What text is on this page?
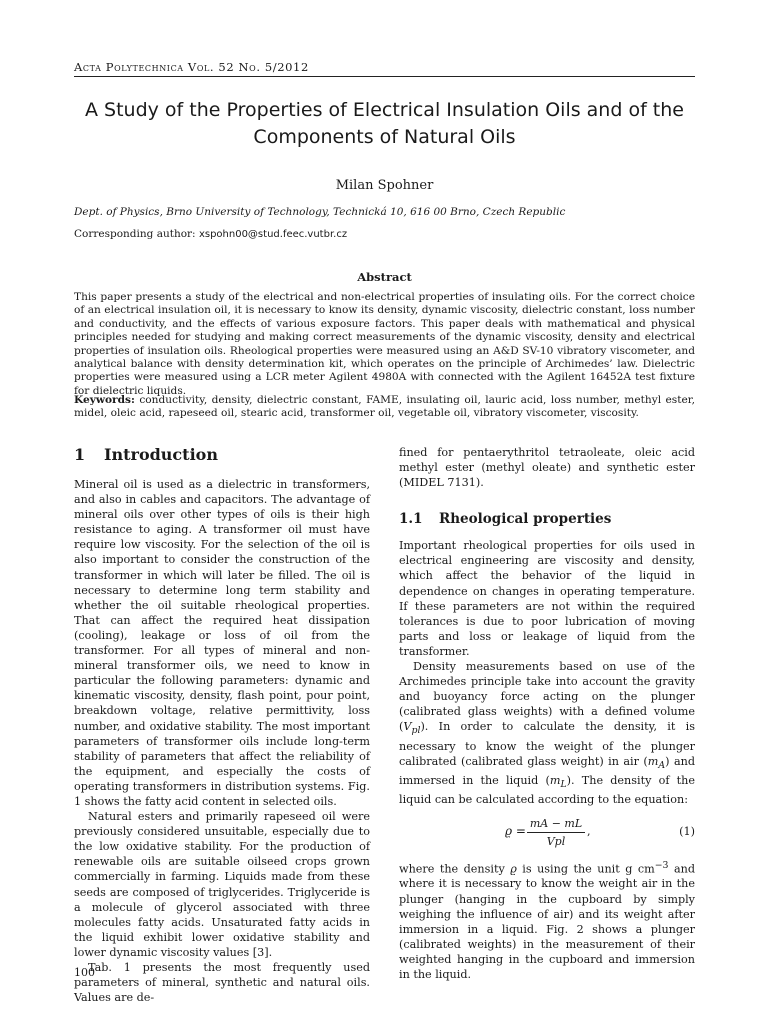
Acta Polytechnica Vol. 52 No. 5/2012
A Study of the Properties of Electrical Insulation Oils and of the
Components of Natural Oils
Milan Spohner
Dept. of Physics, Brno University of Technology, Technická 10, 616 00 Brno, Czech Republic
Corresponding author: xspohn00@stud.feec.vutbr.cz
Abstract
This paper presents a study of the electrical and non-electrical properties of insulating oils. For the correct choice of an electrical insulation oil, it is necessary to know its density, dynamic viscosity, dielectric constant, loss number and conductivity, and the effects of various exposure factors. This paper deals with mathematical and physical principles needed for studying and making correct measurements of the dynamic viscosity, density and electrical properties of insulation oils. Rheological properties were measured using an A&D SV-10 vibratory viscometer, and analytical balance with density determination kit, which operates on the principle of Archimedes’ law. Dielectric properties were measured using a LCR meter Agilent 4980A with connected with the Agilent 16452A test fixture for dielectric liquids.
Keywords: conductivity, density, dielectric constant, FAME, insulating oil, lauric acid, loss number, methyl ester, midel, oleic acid, rapeseed oil, stearic acid, transformer oil, vegetable oil, vibratory viscometer, viscosity.
1 Introduction

Mineral oil is used as a dielectric in transformers, and also in cables and capacitors. The advantage of mineral oils over other types of oils is their high resistance to aging. A transformer oil must have require low viscosity. For the selection of the oil is also important to consider the construction of the transformer in which will later be filled. The oil is necessary to determine long term stability and whether the oil suitable rheological properties. That can affect the required heat dissipation (cooling), leakage or loss of oil from the transformer. For all types of mineral and non-mineral transformer oils, we need to know in particular the following parameters: dynamic and kinematic viscosity, density, flash point, pour point, breakdown voltage, relative permittivity, loss number, and oxidative stability. The most important parameters of transformer oils include long-term stability of parameters that affect the reliability of the equipment, and especially the costs of operating transformers in distribution systems. Fig. 1 shows the fatty acid content in selected oils.

Natural esters and primarily rapeseed oil were previously considered unsuitable, especially due to the low oxidative stability. For the production of renewable oils are suitable oilseed crops grown commercially in farming. Liquids made from these seeds are composed of triglycerides. Triglyceride is a molecule of glycerol associated with three molecules fatty acids. Unsaturated fatty acids in the liquid exhibit lower oxidative stability and lower dynamic viscosity values [3].

Tab. 1 presents the most frequently used parameters of mineral, synthetic and natural oils. Values are de-

fined for pentaerythritol tetraoleate, oleic acid methyl ester (methyl oleate) and synthetic ester (MIDEL 7131).

1.1 Rheological properties

Important rheological properties for oils used in electrical engineering are viscosity and density, which affect the behavior of the liquid in dependence on changes in operating temperature. If these parameters are not within the required tolerances is due to poor lubrication of moving parts and loss or leakage of liquid from the transformer.

Density measurements based on use of the Archimedes principle take into account the gravity and buoyancy force acting on the plunger (calibrated glass weights) with a defined volume $(V_{pl})$. In order to calculate the density, it is necessary to know the weight of the plunger calibrated (calibrated glass weight) in air $(m_A)$ and immersed in the liquid $(m_L)$. The density of the liquid can be calculated according to the equation:

ϱ =
mA − mL
Vpl
,	(1)

where the density ϱ is using the unit g $cm^{-3}$ and where it is necessary to know the weight air in the plunger (hanging in the cupboard by simply weighing the influence of air) and its weight after immersion in a liquid. Fig. 2 shows a plunger (calibrated weights) in the measurement of their weighted hanging in the cupboard and immersion in the liquid.

100
